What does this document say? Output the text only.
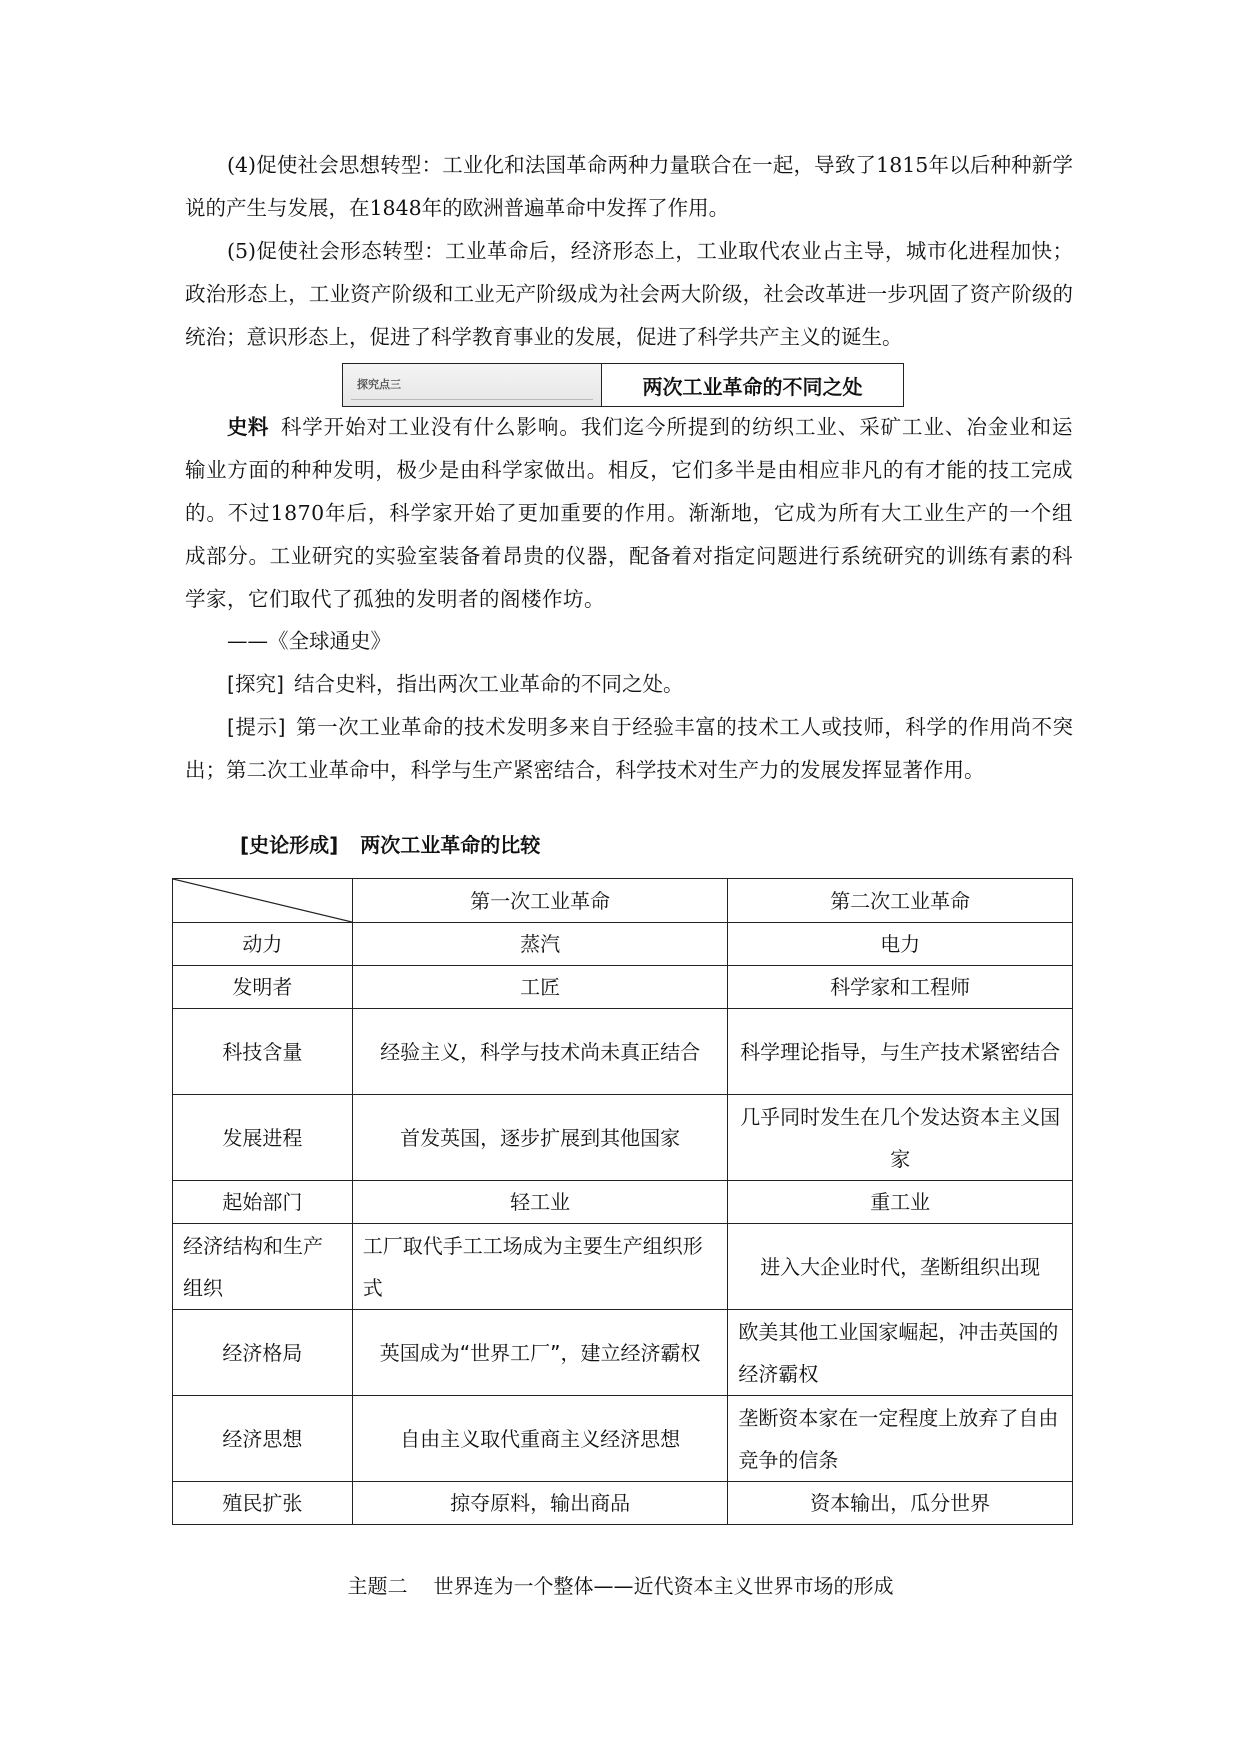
(4)促使社会思想转型：工业化和法国革命两种力量联合在一起，导致了1815年以后种种新学说的产生与发展，在1848年的欧洲普遍革命中发挥了作用。

(5)促使社会形态转型：工业革命后，经济形态上，工业取代农业占主导，城市化进程加快；政治形态上，工业资产阶级和工业无产阶级成为社会两大阶级，社会改革进一步巩固了资产阶级的统治；意识形态上，促进了科学教育事业的发展，促进了科学共产主义的诞生。

探究点三	两次工业革命的不同之处

史料 科学开始对工业没有什么影响。我们迄今所提到的纺织工业、采矿工业、冶金业和运输业方面的种种发明，极少是由科学家做出。相反，它们多半是由相应非凡的有才能的技工完成的。不过1870年后，科学家开始了更加重要的作用。渐渐地，它成为所有大工业生产的一个组成部分。工业研究的实验室装备着昂贵的仪器，配备着对指定问题进行系统研究的训练有素的科学家，它们取代了孤独的发明者的阁楼作坊。

——《全球通史》

[探究] 结合史料，指出两次工业革命的不同之处。

[提示] 第一次工业革命的技术发明多来自于经验丰富的技术工人或技师，科学的作用尚不突出；第二次工业革命中，科学与生产紧密结合，科学技术对生产力的发展发挥显著作用。

[史论形成] 两次工业革命的比较
	第一次工业革命	第二次工业革命
动力	蒸汽	电力
发明者	工匠	科学家和工程师
科技含量	经验主义，科学与技术尚未真正结合	科学理论指导，与生产技术紧密结合
发展进程	首发英国，逐步扩展到其他国家	几乎同时发生在几个发达资本主义国家
起始部门	轻工业	重工业
经济结构和生产组织	工厂取代手工工场成为主要生产组织形式	进入大企业时代，垄断组织出现
经济格局	英国成为“世界工厂”，建立经济霸权	欧美其他工业国家崛起，冲击英国的经济霸权
经济思想	自由主义取代重商主义经济思想	垄断资本家在一定程度上放弃了自由竞争的信条
殖民扩张	掠夺原料，输出商品	资本输出，瓜分世界
主题二 世界连为一个整体——近代资本主义世界市场的形成
